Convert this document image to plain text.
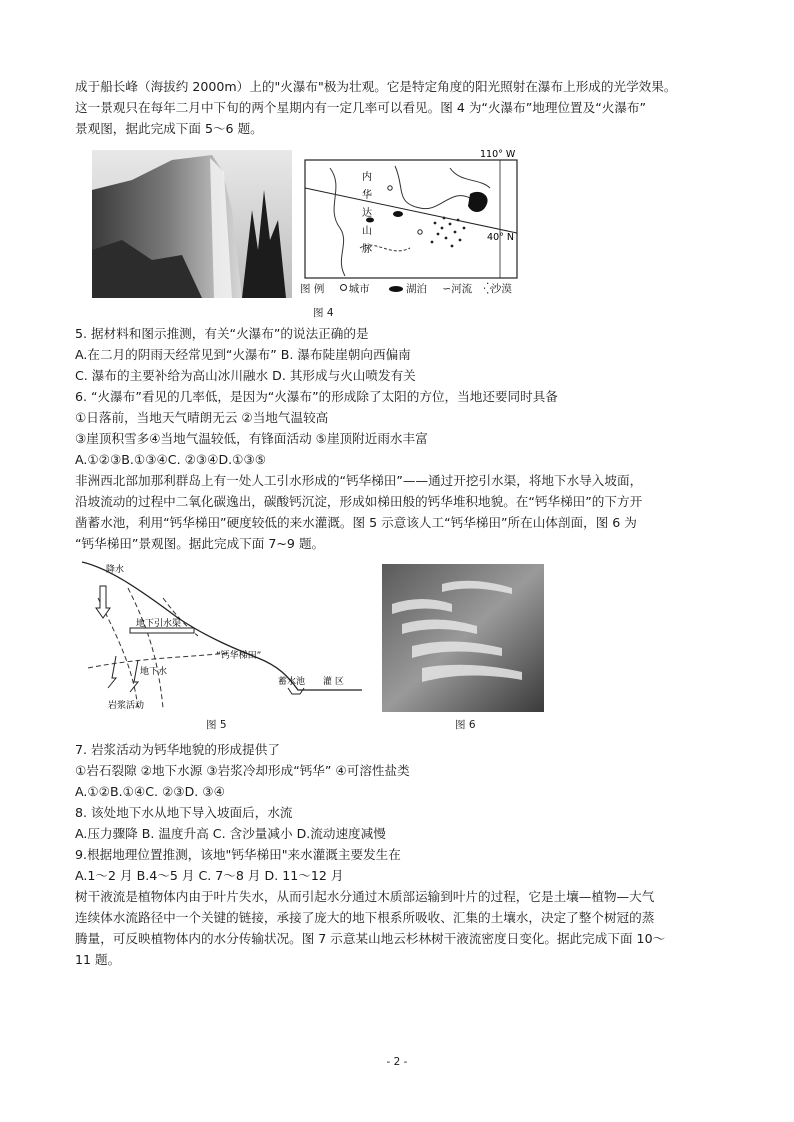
成于船长峰（海拔约 2000m）上的"火瀑布"极为壮观。它是特定角度的阳光照射在瀑布上形成的光学效果。
这一景观只在每年二月中下旬的两个星期内有一定几率可以看见。图 4 为“火瀑布”地理位置及“火瀑布”
景观图，据此完成下面 5～6 题。
内
华
达
山
脉
110° W
40° N
图 例 城市	湖泊 ∽河流 ⁛沙漠
图 4
5. 据材料和图示推测，有关“火瀑布”的说法正确的是
A.在二月的阴雨天经常见到“火瀑布” B. 瀑布陡崖朝向西偏南
C. 瀑布的主要补给为高山冰川融水 D. 其形成与火山喷发有关
6. “火瀑布”看见的几率低，是因为“火瀑布”的形成除了太阳的方位，当地还要同时具备
①日落前，当地天气晴朗无云 ②当地气温较高
③崖顶积雪多④当地气温较低，有锋面活动 ⑤崖顶附近雨水丰富
A.①②③B.①③④C. ②③④D.①③⑤
非洲西北部加那利群岛上有一处人工引水形成的“钙华梯田”——通过开挖引水渠，将地下水导入坡面，
沿坡流动的过程中二氧化碳逸出，碳酸钙沉淀，形成如梯田般的钙华堆积地貌。在“钙华梯田”的下方开
凿蓄水池，利用“钙华梯田”硬度较低的来水灌溉。图 5 示意该人工“钙华梯田”所在山体剖面，图 6 为
“钙华梯田”景观图。据此完成下面 7~9 题。
降水
地下引水渠
“钙华梯田”
地下水
岩浆活动
蓄水池 灌 区
图 5	图 6
7. 岩浆活动为钙华地貌的形成提供了
①岩石裂隙 ②地下水源 ③岩浆冷却形成“钙华” ④可溶性盐类
A.①②B.①④C. ②③D. ③④
8. 该处地下水从地下导入坡面后，水流
A.压力骤降 B. 温度升高 C. 含沙量减小 D.流动速度减慢
9.根据地理位置推测，该地"钙华梯田"来水灌溉主要发生在
A.1～2 月 B.4～5 月 C. 7～8 月 D. 11～12 月
树干液流是植物体内由于叶片失水，从而引起水分通过木质部运输到叶片的过程，它是土壤—植物—大气
连续体水流路径中一个关键的链接，承接了庞大的地下根系所吸收、汇集的土壤水，决定了整个树冠的蒸
腾量，可反映植物体内的水分传输状况。图 7 示意某山地云杉林树干液流密度日变化。据此完成下面 10～
11 题。
- 2 -
